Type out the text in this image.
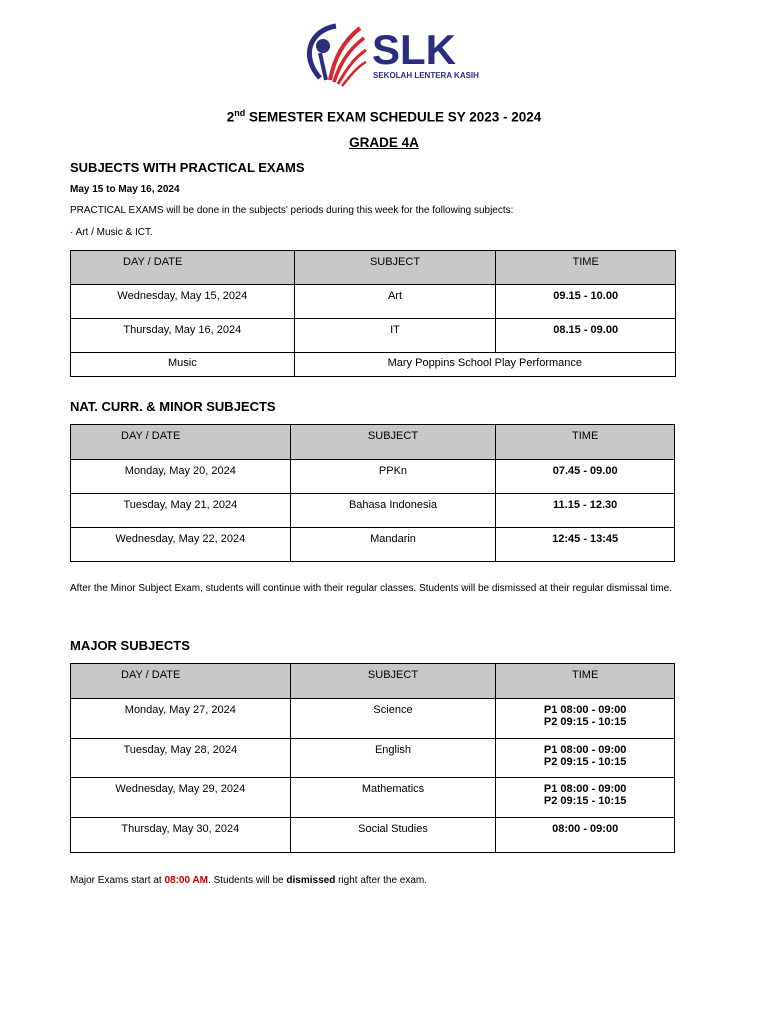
SLK
SEKOLAH LENTERA KASIH
2nd SEMESTER EXAM SCHEDULE SY 2023 - 2024
GRADE 4A
SUBJECTS WITH PRACTICAL EXAMS
May 15 to May 16, 2024
PRACTICAL EXAMS will be done in the subjects' periods during this week for the following subjects:
· Art / Music & ICT.
DAY / DATE	SUBJECT	TIME
Wednesday, May 15, 2024	Art	09.15 - 10.00
Thursday, May 16, 2024	IT	08.15 - 09.00
Music	Mary Poppins School Play Performance	
NAT. CURR. & MINOR SUBJECTS
DAY / DATE	SUBJECT	TIME
Monday, May 20, 2024	PPKn	07.45 - 09.00
Tuesday, May 21, 2024	Bahasa Indonesia	11.15 - 12.30
Wednesday, May 22, 2024	Mandarin	12:45 - 13:45
After the Minor Subject Exam, students will continue with their regular classes. Students will be dismissed at their regular dismissal time.
MAJOR SUBJECTS
DAY / DATE	SUBJECT	TIME
Monday, May 27, 2024	Science	P1 08:00 - 09:00
P2 09:15 - 10:15

Tuesday, May 28, 2024	English	P1 08:00 - 09:00
P2 09:15 - 10:15

Wednesday, May 29, 2024	Mathematics	P1 08:00 - 09:00
P2 09:15 - 10:15

Thursday, May 30, 2024	Social Studies	08:00 - 09:00
Major Exams start at 08:00 AM. Students will be dismissed right after the exam.
